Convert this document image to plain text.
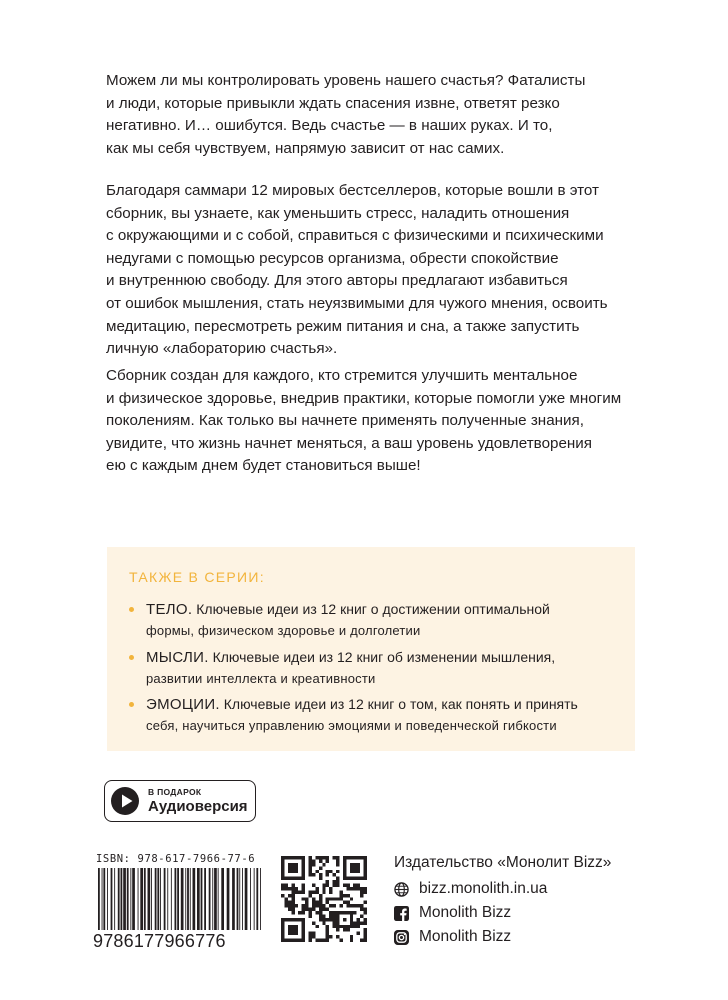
Можем ли мы контролировать уровень нашего счастья? Фаталисты
и люди, которые привыкли ждать спасения извне, ответят резко
негативно. И… ошибутся. Ведь счастье — в наших руках. И то,
как мы себя чувствуем, напрямую зависит от нас самих.
Благодаря саммари 12 мировых бестселлеров, которые вошли в этот
сборник, вы узнаете, как уменьшить стресс, наладить отношения
с окружающими и с собой, справиться с физическими и психическими
недугами с помощью ресурсов организма, обрести спокойствие
и внутреннюю свободу. Для этого авторы предлагают избавиться
от ошибок мышления, стать неуязвимыми для чужого мнения, освоить
медитацию, пересмотреть режим питания и сна, а также запустить
личную «лабораторию счастья».
Сборник создан для каждого, кто стремится улучшить ментальное
и физическое здоровье, внедрив практики, которые помогли уже многим
поколениям. Как только вы начнете применять полученные знания,
увидите, что жизнь начнет меняться, а ваш уровень удовлетворения
ею с каждым днем будет становиться выше!
ТАКЖЕ В СЕРИИ:
ТЕЛО. Ключевые идеи из 12 книг о достижении оптимальной
формы, физическом здоровье и долголетии
МЫСЛИ. Ключевые идеи из 12 книг об изменении мышления,
развитии интеллекта и креативности
ЭМОЦИИ. Ключевые идеи из 12 книг о том, как понять и принять
себя, научиться управлению эмоциями и поведенческой гибкости
В ПОДАРОК
Аудиоверсия
ISBN: 978-617-7966-77-6
9786177966776
Издательство «Монолит Bizz»
bizz.monolith.in.ua
Monolith Bizz
Monolith Bizz
